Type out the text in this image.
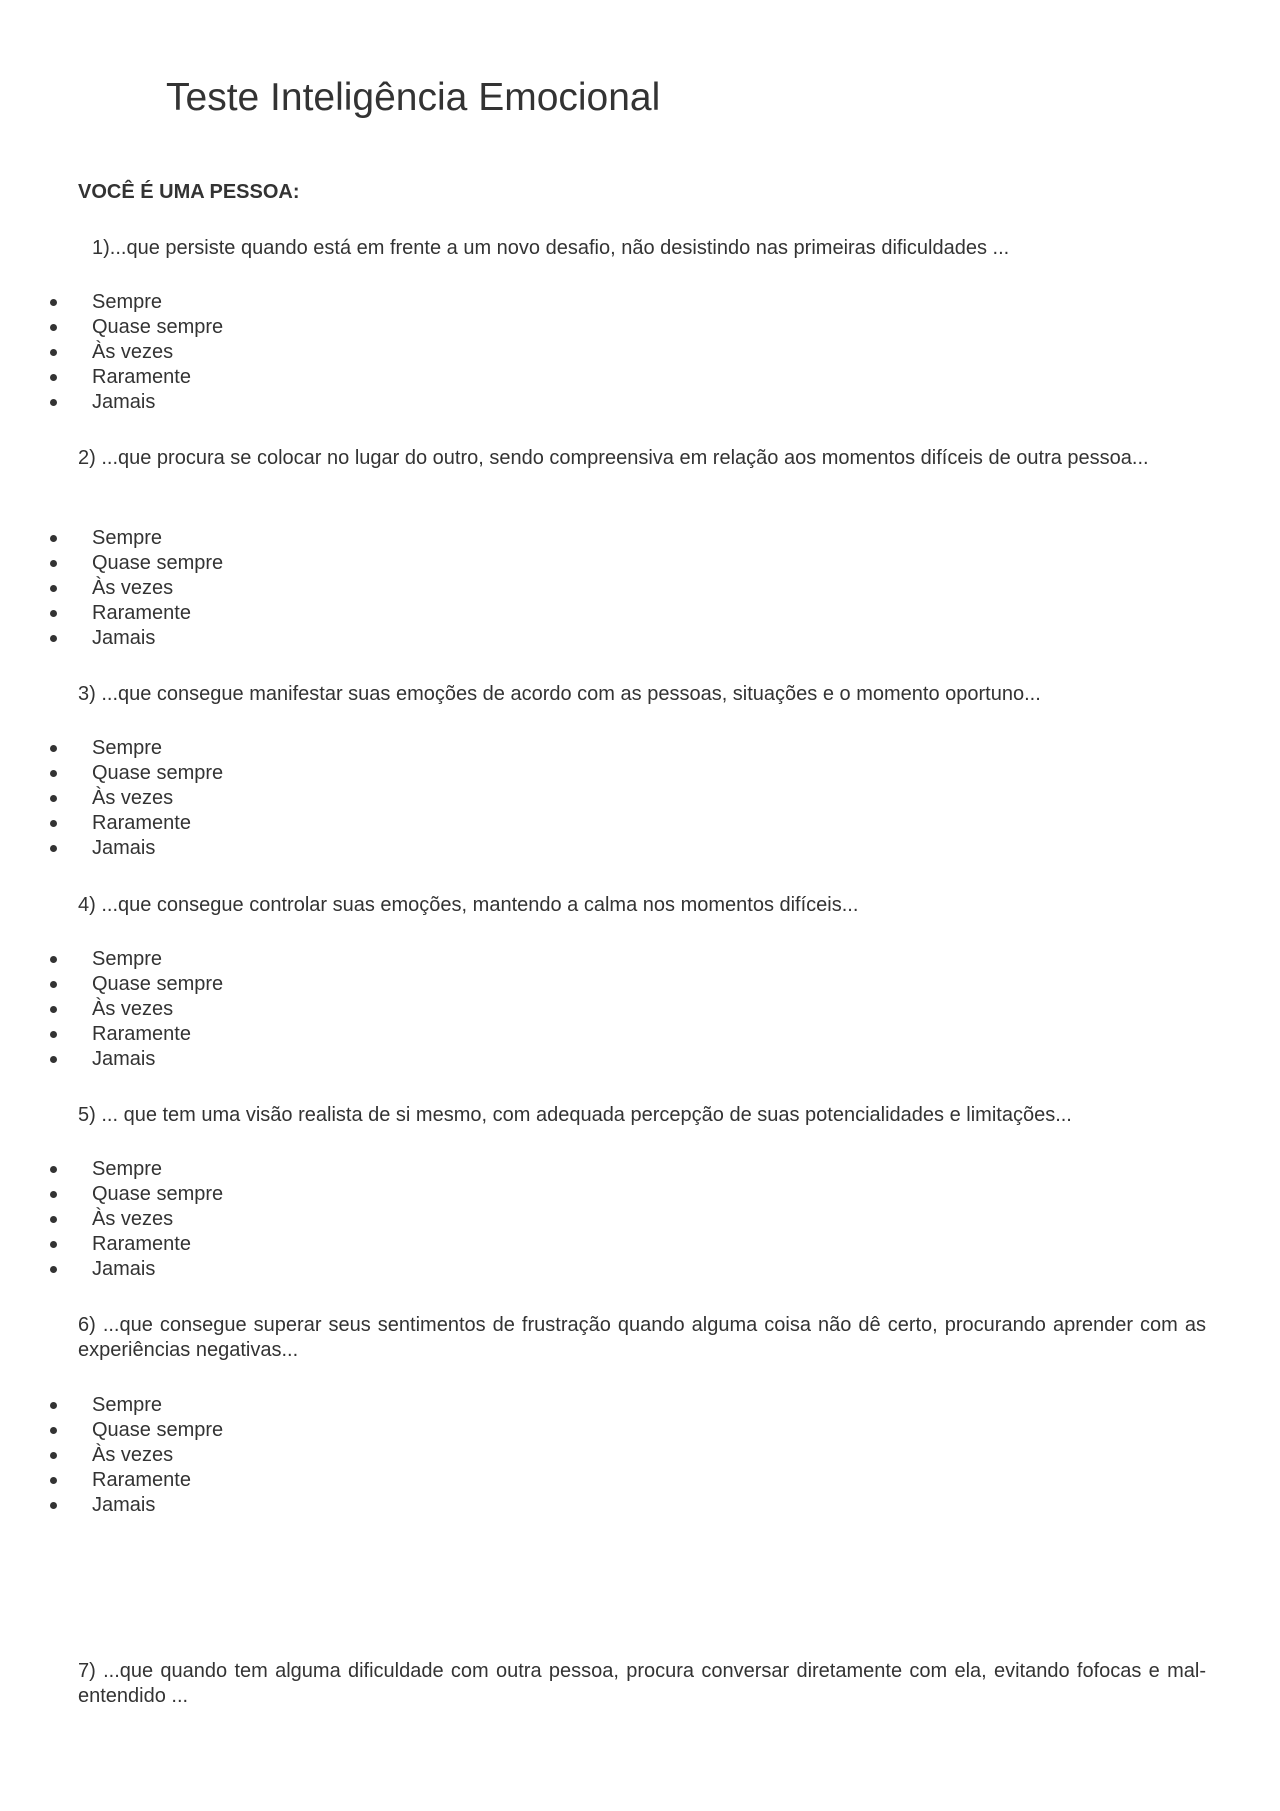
Teste Inteligência Emocional
VOCÊ É UMA PESSOA:

1)...que persiste quando está em frente a um novo desafio, não desistindo nas primeiras dificuldades ...

Sempre
Quase sempre
Às vezes
Raramente
Jamais

2) ...que procura se colocar no lugar do outro, sendo compreensiva em relação aos momentos difíceis de outra pessoa...

Sempre
Quase sempre
Às vezes
Raramente
Jamais

3) ...que consegue manifestar suas emoções de acordo com as pessoas, situações e o momento oportuno...

Sempre
Quase sempre
Às vezes
Raramente
Jamais

4) ...que consegue controlar suas emoções, mantendo a calma nos momentos difíceis...

Sempre
Quase sempre
Às vezes
Raramente
Jamais

5) ... que tem uma visão realista de si mesmo, com adequada percepção de suas potencialidades e limitações...

Sempre
Quase sempre
Às vezes
Raramente
Jamais

6) ...que consegue superar seus sentimentos de frustração quando alguma coisa não dê certo, procurando aprender com as experiências negativas...

Sempre
Quase sempre
Às vezes
Raramente
Jamais

7) ...que quando tem alguma dificuldade com outra pessoa, procura conversar diretamente com ela, evitando fofocas e mal-entendido ...
